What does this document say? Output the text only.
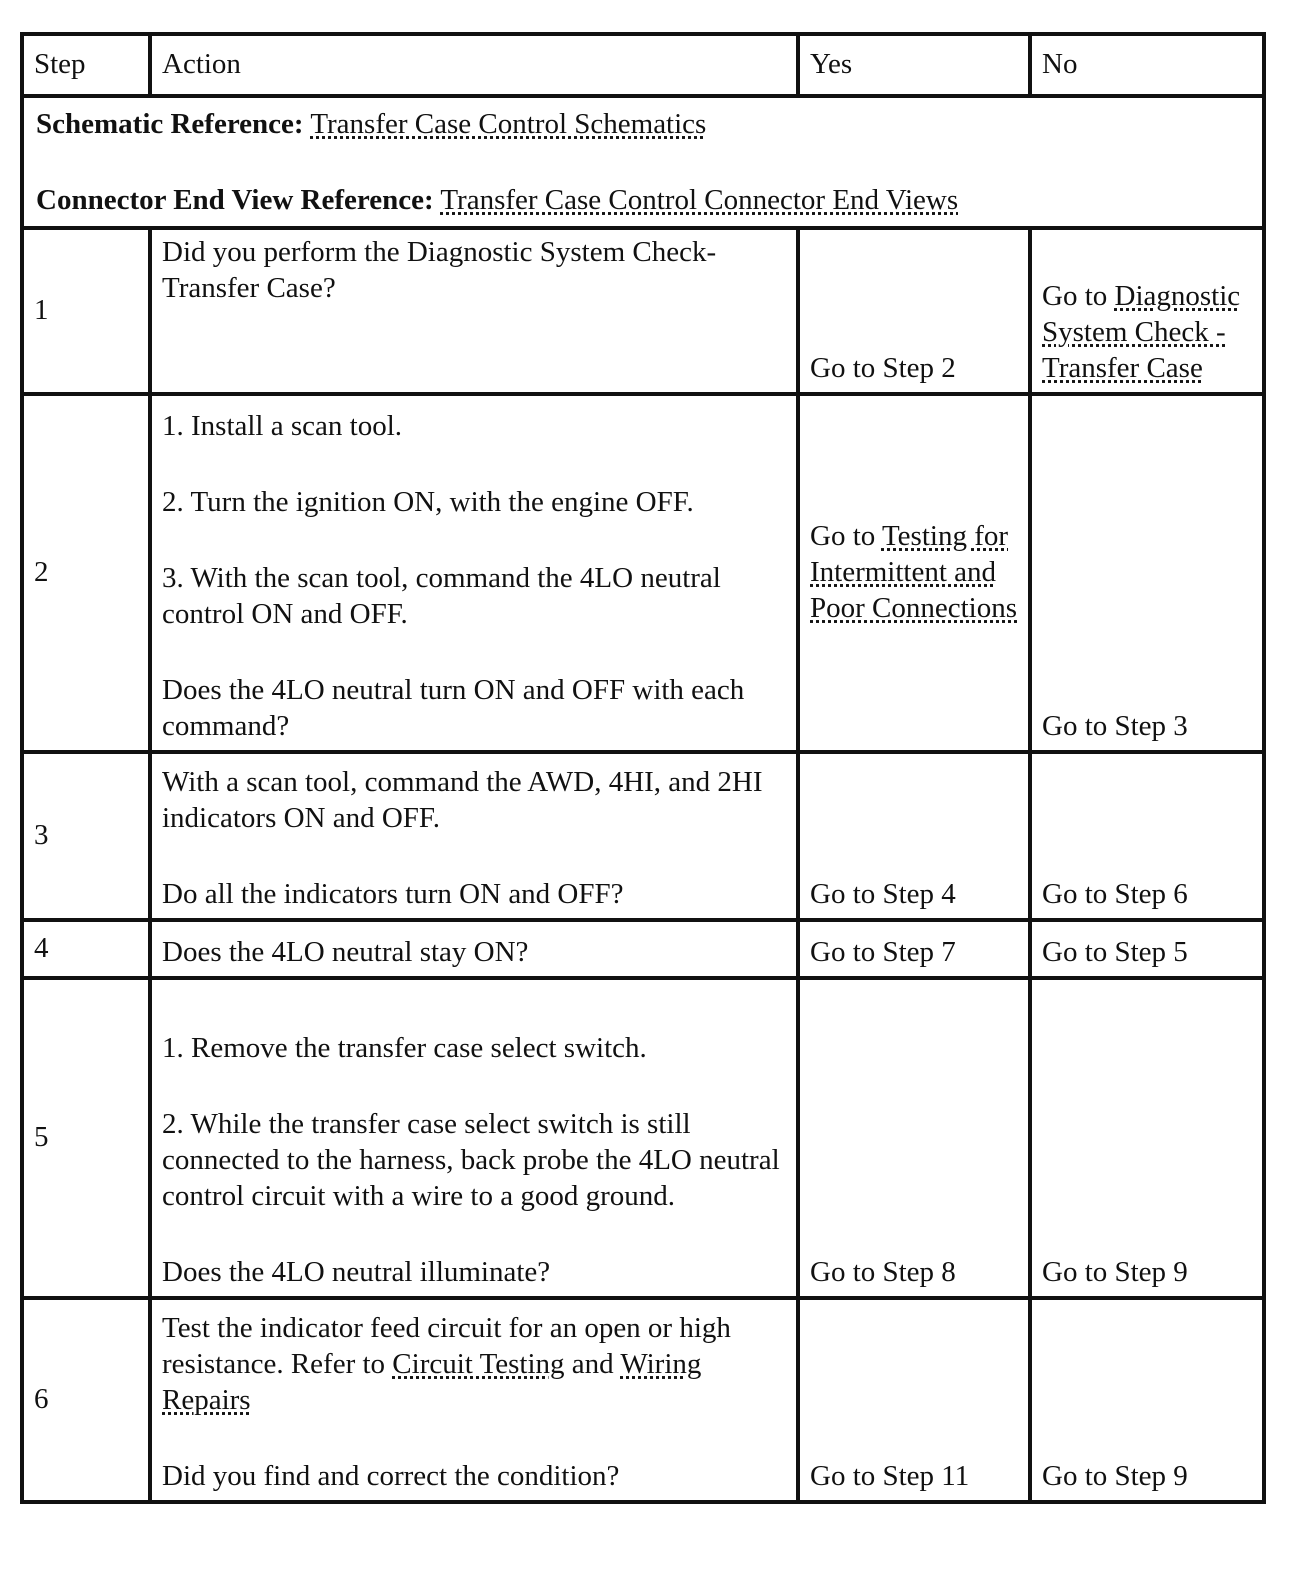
Step	Action	Yes	No

Schematic Reference: Transfer Case Control Schematics

Connector End View Reference: Transfer Case Control Connector End Views			

1	Did you perform the Diagnostic System Check-Transfer Case?	Go to Step 2	Go to Diagnostic System Check - Transfer Case
2	1. Install a scan tool.

2. Turn the ignition ON, with the engine OFF.

3. With the scan tool, command the 4LO neutral control ON and OFF.

Does the 4LO neutral turn ON and OFF with each command?	Go to Testing for Intermittent and Poor Connections	Go to Step 3
3	With a scan tool, command the AWD, 4HI, and 2HI indicators ON and OFF.

Do all the indicators turn ON and OFF?	Go to Step 4	Go to Step 6
4	Does the 4LO neutral stay ON?	Go to Step 7	Go to Step 5
5	1. Remove the transfer case select switch.

2. While the transfer case select switch is still connected to the harness, back probe the 4LO neutral control circuit with a wire to a good ground.

Does the 4LO neutral illuminate?	Go to Step 8	Go to Step 9
6	Test the indicator feed circuit for an open or high resistance. Refer to Circuit Testing and Wiring Repairs

Did you find and correct the condition?	Go to Step 11	Go to Step 9
